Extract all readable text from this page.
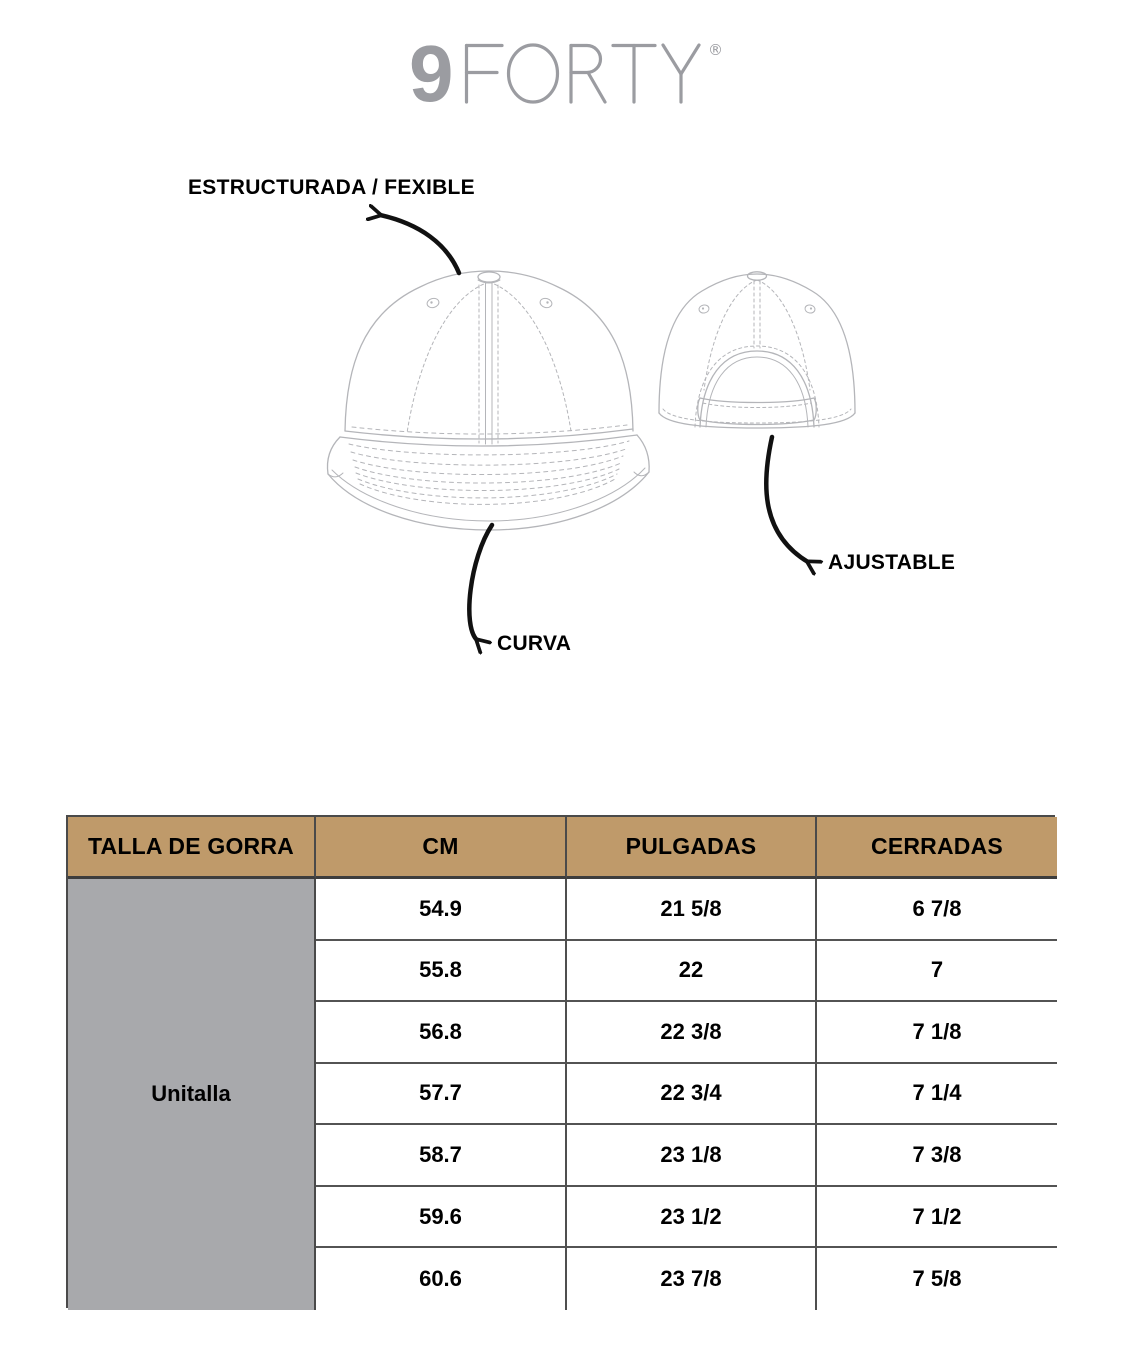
9	®
ESTRUCTURADA / FEXIBLE
CURVA
AJUSTABLE
TALLA DE GORRA	CM	PULGADAS	CERRADAS
Unitalla
54.9	21 5/8	6 7/8
55.8	22	7
56.8	22 3/8	7 1/8
57.7	22 3/4	7 1/4
58.7	23 1/8	7 3/8
59.6	23 1/2	7 1/2
60.6	23 7/8	7 5/8
